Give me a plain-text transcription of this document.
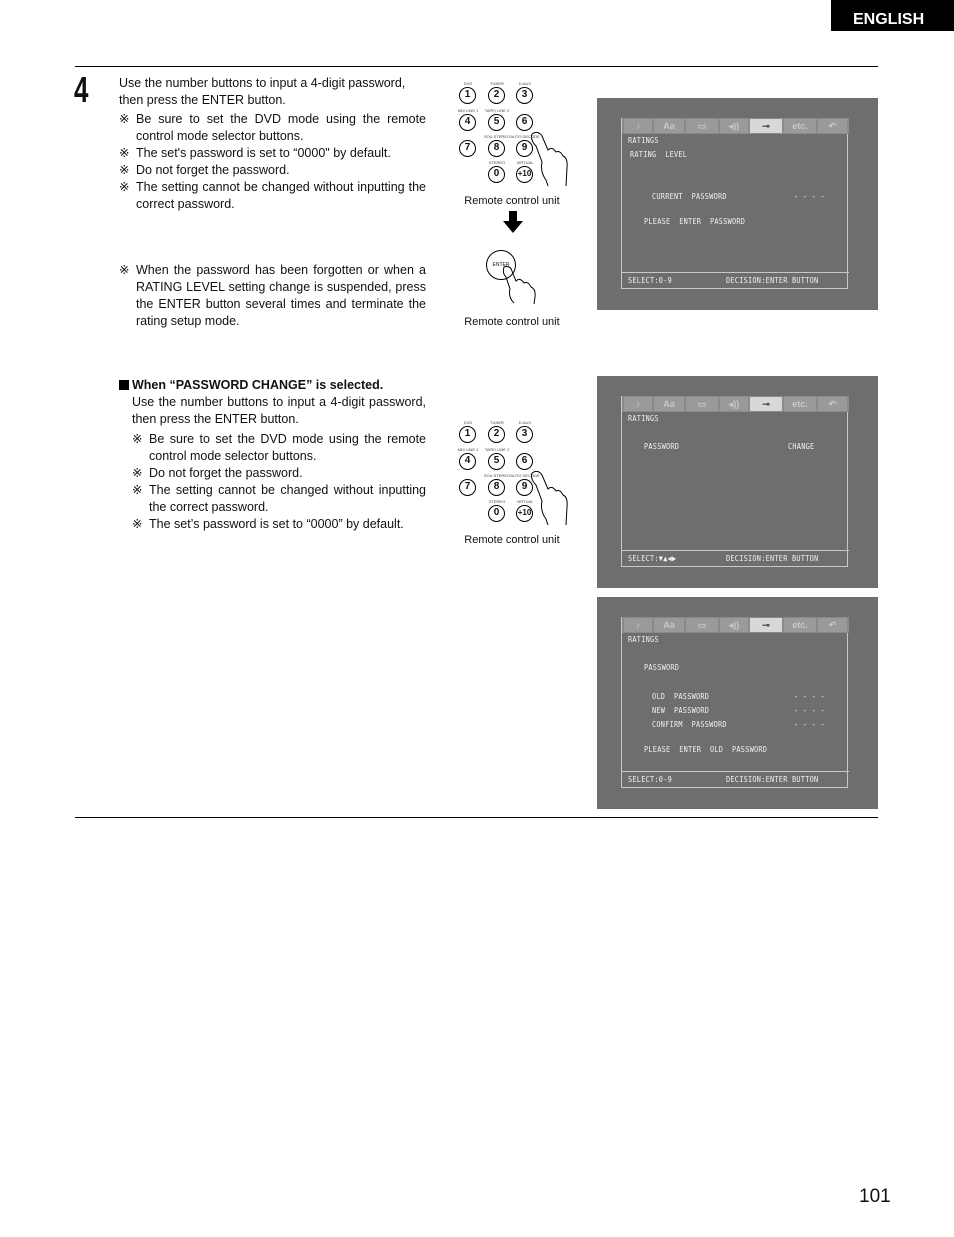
ENGLISH
4 Use the number buttons to input a 4-digit password, then press the ENTER button.
※ Be sure to set the DVD mode using the remote control mode selector buttons.
※ The set's password is set to “0000" by default.
※ Do not forget the password.
※ The setting cannot be changed without inputting the correct password.
※ When the password has been forgotten or when a RATING LEVEL setting change is suspended, press the ENTER button several times and terminate the rating setup mode.
DVD	TUNER	D.AUX
1	2	3
MD/ LINE 1	TAPE/ LINE 2
4	5	6
SOU.STEREO AUTO DECODE
7	8	9
STEREO	VIRTUAL
0	+10
Remote control unit
ENTER
Remote control unit
♪	Aa	▭	◂))	⊸	etc.	↶
RATINGS
RATING  LEVEL
CURRENT  PASSWORD	- - - -
PLEASE  ENTER  PASSWORD
SELECT:0-9	DECISION:ENTER BUTTON
When “PASSWORD CHANGE” is selected.
Use the number buttons to input a 4-digit password, then press the ENTER button.
※ Be sure to set the DVD mode using the remote control mode selector buttons.
※ Do not forget the password.
※ The setting cannot be changed without inputting the correct password.
※ The set’s password is set to “0000” by default.
DVD	TUNER	D.AUX
1	2	3
MD/ LINE 1	TAPE/ LINE 2
4	5	6
SOU.STEREO AUTO DECODE
7	8	9
STEREO	VIRTUAL
0	+10
Remote control unit
♪	Aa	▭	◂))	⊸	etc.	↶
RATINGS
PASSWORD	CHANGE
SELECT:▼▲◀▶	DECISION:ENTER BUTTON
♪	Aa	▭	◂))	⊸	etc.	↶
RATINGS
PASSWORD
OLD  PASSWORD	- - - -
NEW  PASSWORD	- - - -
CONFIRM  PASSWORD	- - - -
PLEASE  ENTER  OLD  PASSWORD
SELECT:0-9	DECISION:ENTER BUTTON
101
